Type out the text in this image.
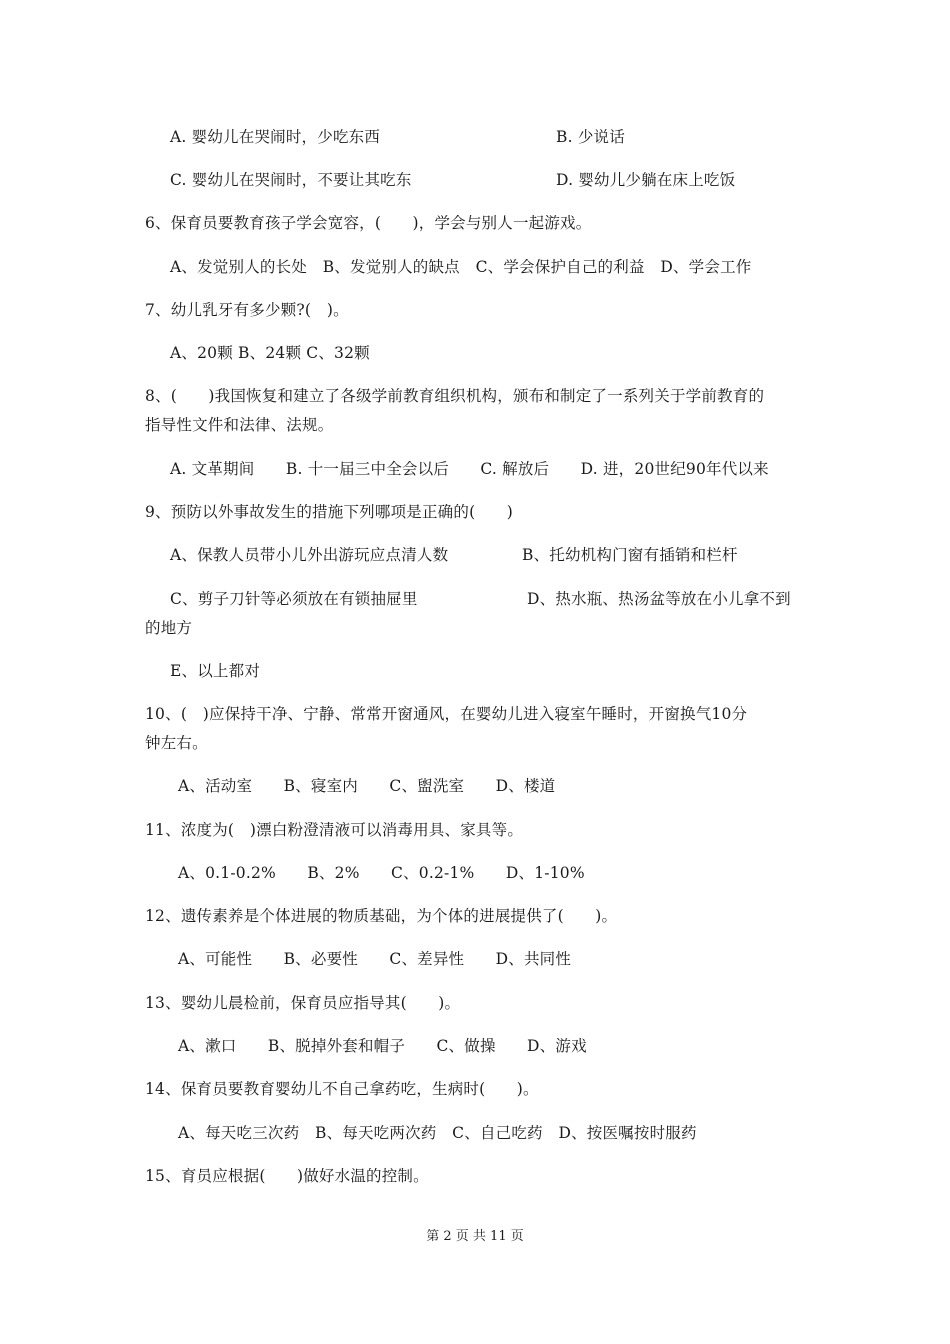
A. 婴幼儿在哭闹时，少吃东西	B. 少说话
C. 婴幼儿在哭闹时，不要让其吃东	D. 婴幼儿少躺在床上吃饭
6、保育员要教育孩子学会宽容，(　　)，学会与别人一起游戏。
A、发觉别人的长处　B、发觉别人的缺点　C、学会保护自己的利益　D、学会工作
7、幼儿乳牙有多少颗?(　)。
A、20颗 B、24颗 C、32颗
8、(　　)我国恢复和建立了各级学前教育组织机构，颁布和制定了一系列关于学前教育的
指导性文件和法律、法规。
A. 文革期间　　B. 十一届三中全会以后　　C. 解放后　　D. 进，20世纪90年代以来
9、预防以外事故发生的措施下列哪项是正确的(　　)
A、保教人员带小儿外出游玩应点清人数	B、托幼机构门窗有插销和栏杆
C、剪子刀针等必须放在有锁抽屉里	D、热水瓶、热汤盆等放在小儿拿不到
的地方
E、以上都对
10、(　)应保持干净、宁静、常常开窗通风，在婴幼儿进入寝室午睡时，开窗换气10分
钟左右。
A、活动室　　B、寝室内　　C、盥洗室　　D、楼道
11、浓度为(　)漂白粉澄清液可以消毒用具、家具等。
A、0.1-0.2%　　B、2%　　C、0.2-1%　　D、1-10%
12、遗传素养是个体进展的物质基础，为个体的进展提供了(　　)。
A、可能性　　B、必要性　　C、差异性　　D、共同性
13、婴幼儿晨检前，保育员应指导其(　　)。
A、漱口　　B、脱掉外套和帽子　　C、做操　　D、游戏
14、保育员要教育婴幼儿不自己拿药吃，生病时(　　)。
A、每天吃三次药　B、每天吃两次药　C、自己吃药　D、按医嘱按时服药
15、育员应根据(　　)做好水温的控制。
第 2 页 共 11 页
